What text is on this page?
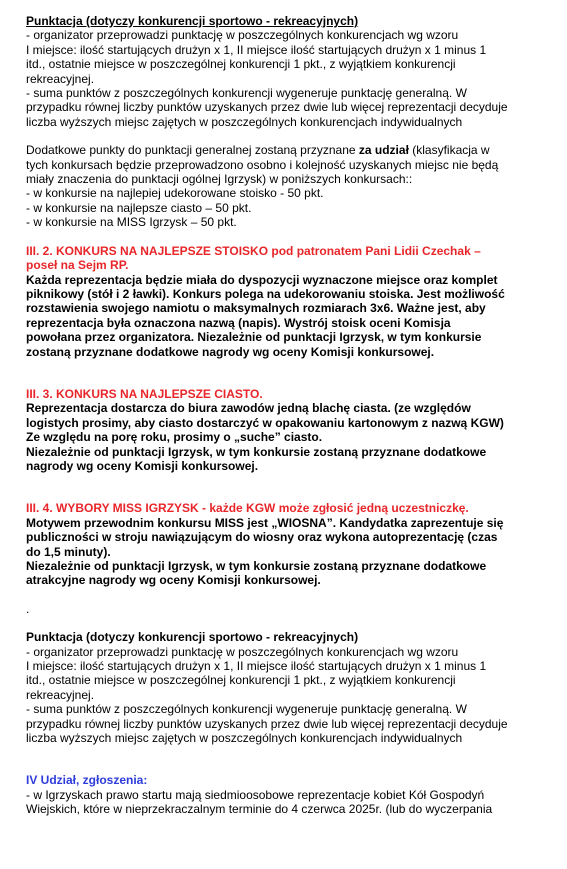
Punktacja (dotyczy konkurencji sportowo - rekreacyjnych)

- organizator przeprowadzi punktację w poszczególnych konkurencjach wg wzoru
I miejsce: ilość startujących drużyn x 1, II miejsce ilość startujących drużyn x 1 minus 1
itd., ostatnie miejsce w poszczególnej konkurencji 1 pkt., z wyjątkiem konkurencji
rekreacyjnej.
- suma punktów z poszczególnych konkurencji wygeneruje punktację generalną. W
przypadku równej liczby punktów uzyskanych przez dwie lub więcej reprezentacji decyduje
liczba wyższych miejsc zajętych w poszczególnych konkurencjach indywidualnych

Dodatkowe punkty do punktacji generalnej zostaną przyznane za udział (klasyfikacja w
tych konkursach będzie przeprowadzono osobno i kolejność uzyskanych miejsc nie będą
miały znaczenia do punktacji ogólnej Igrzysk) w poniższych konkursach::

- w konkursie na najlepiej udekorowane stoisko - 50 pkt.

- w konkursie na najlepsze ciasto – 50 pkt.

- w konkursie na MISS Igrzysk – 50 pkt.

III. 2. KONKURS NA NAJLEPSZE STOISKO pod patronatem Pani Lidii Czechak –
poseł na Sejm RP.

Każda reprezentacja będzie miała do dyspozycji wyznaczone miejsce oraz komplet
piknikowy (stół i 2 ławki). Konkurs polega na udekorowaniu stoiska. Jest możliwość
rozstawienia swojego namiotu o maksymalnych rozmiarach 3x6. Ważne jest, aby
reprezentacja była oznaczona nazwą (napis). Wystrój stoisk oceni Komisja
powołana przez organizatora. Niezależnie od punktacji Igrzysk, w tym konkursie
zostaną przyznane dodatkowe nagrody wg oceny Komisji konkursowej.

III. 3. KONKURS NA NAJLEPSZE CIASTO.

Reprezentacja dostarcza do biura zawodów jedną blachę ciasta. (ze względów
logistych prosimy, aby ciasto dostarczyć w opakowaniu kartonowym z nazwą KGW)
Ze względu na porę roku, prosimy o „suche” ciasto.
Niezależnie od punktacji Igrzysk, w tym konkursie zostaną przyznane dodatkowe
nagrody wg oceny Komisji konkursowej.

III. 4. WYBORY MISS IGRZYSK - każde KGW może zgłosić jedną uczestniczkę.

Motywem przewodnim konkursu MISS jest „WIOSNA”. Kandydatka zaprezentuje się
publiczności w stroju nawiązującym do wiosny oraz wykona autoprezentację (czas
do 1,5 minuty).
Niezależnie od punktacji Igrzysk, w tym konkursie zostaną przyznane dodatkowe
atrakcyjne nagrody wg oceny Komisji konkursowej.

.

Punktacja (dotyczy konkurencji sportowo - rekreacyjnych)

- organizator przeprowadzi punktację w poszczególnych konkurencjach wg wzoru
I miejsce: ilość startujących drużyn x 1, II miejsce ilość startujących drużyn x 1 minus 1
itd., ostatnie miejsce w poszczególnej konkurencji 1 pkt., z wyjątkiem konkurencji
rekreacyjnej.
- suma punktów z poszczególnych konkurencji wygeneruje punktację generalną. W
przypadku równej liczby punktów uzyskanych przez dwie lub więcej reprezentacji decyduje
liczba wyższych miejsc zajętych w poszczególnych konkurencjach indywidualnych

IV Udział, zgłoszenia:

- w Igrzyskach prawo startu mają siedmioosobowe reprezentacje kobiet Kół Gospodyń
Wiejskich, które w nieprzekraczalnym terminie do 4 czerwca 2025r. (lub do wyczerpania
